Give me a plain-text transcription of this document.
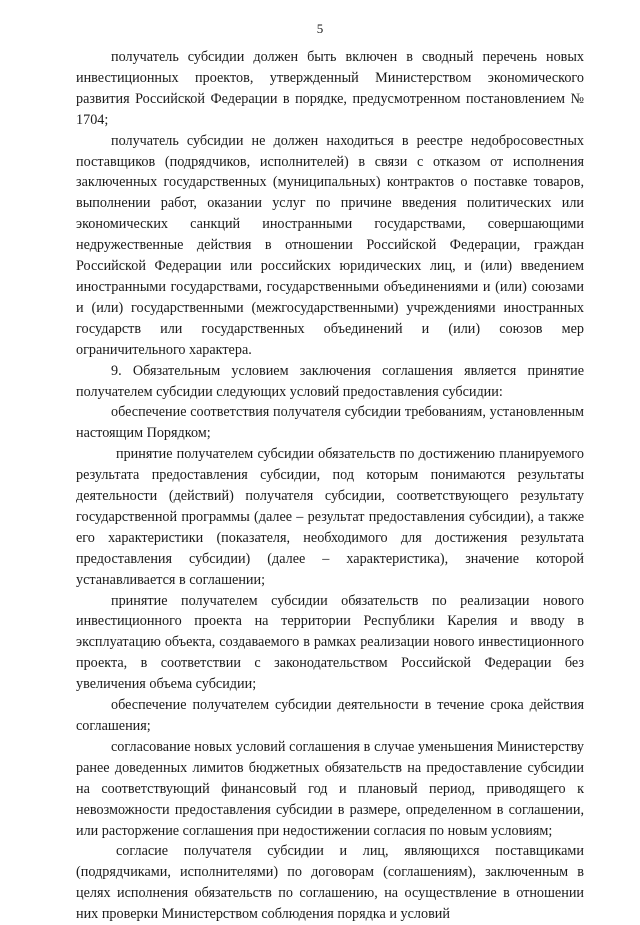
5

получатель субсидии должен быть включен в сводный перечень новых инвестиционных проектов, утвержденный Министерством экономического развития Российской Федерации в порядке, предусмотренном постановлением № 1704;

получатель субсидии не должен находиться в реестре недобросовестных поставщиков (подрядчиков, исполнителей) в связи с отказом от исполнения заключенных государственных (муниципальных) контрактов о поставке товаров, выполнении работ, оказании услуг по причине введения политических или экономических санкций иностранными государствами, совершающими недружественные действия в отношении Российской Федерации, граждан Российской Федерации или российских юридических лиц, и (или) введением иностранными государствами, государственными объединениями и (или) союзами и (или) государственными (межгосударственными) учреждениями иностранных государств или государственных объединений и (или) союзов мер ограничительного характера.

9. Обязательным условием заключения соглашения является принятие получателем субсидии следующих условий предоставления субсидии:

обеспечение соответствия получателя субсидии требованиям, установленным настоящим Порядком;

принятие получателем субсидии обязательств по достижению планируемого результата предоставления субсидии, под которым понимаются результаты деятельности (действий) получателя субсидии, соответствующего результату государственной программы (далее – результат предоставления субсидии), а также его характеристики (показателя, необходимого для достижения результата предоставления субсидии) (далее – характеристика), значение которой устанавливается в соглашении;

принятие получателем субсидии обязательств по реализации нового инвестиционного проекта на территории Республики Карелия и вводу в эксплуатацию объекта, создаваемого в рамках реализации нового инвестиционного проекта, в соответствии с законодательством Российской Федерации без увеличения объема субсидии;

обеспечение получателем субсидии деятельности в течение срока действия соглашения;

согласование новых условий соглашения в случае уменьшения Министерству ранее доведенных лимитов бюджетных обязательств на предоставление субсидии на соответствующий финансовый год и плановый период, приводящего к невозможности предоставления субсидии в размере, определенном в соглашении, или расторжение соглашения при недостижении согласия по новым условиям;

согласие получателя субсидии и лиц, являющихся поставщиками (подрядчиками, исполнителями) по договорам (соглашениям), заключенным в целях исполнения обязательств по соглашению, на осуществление в отношении них проверки Министерством соблюдения порядка и условий
